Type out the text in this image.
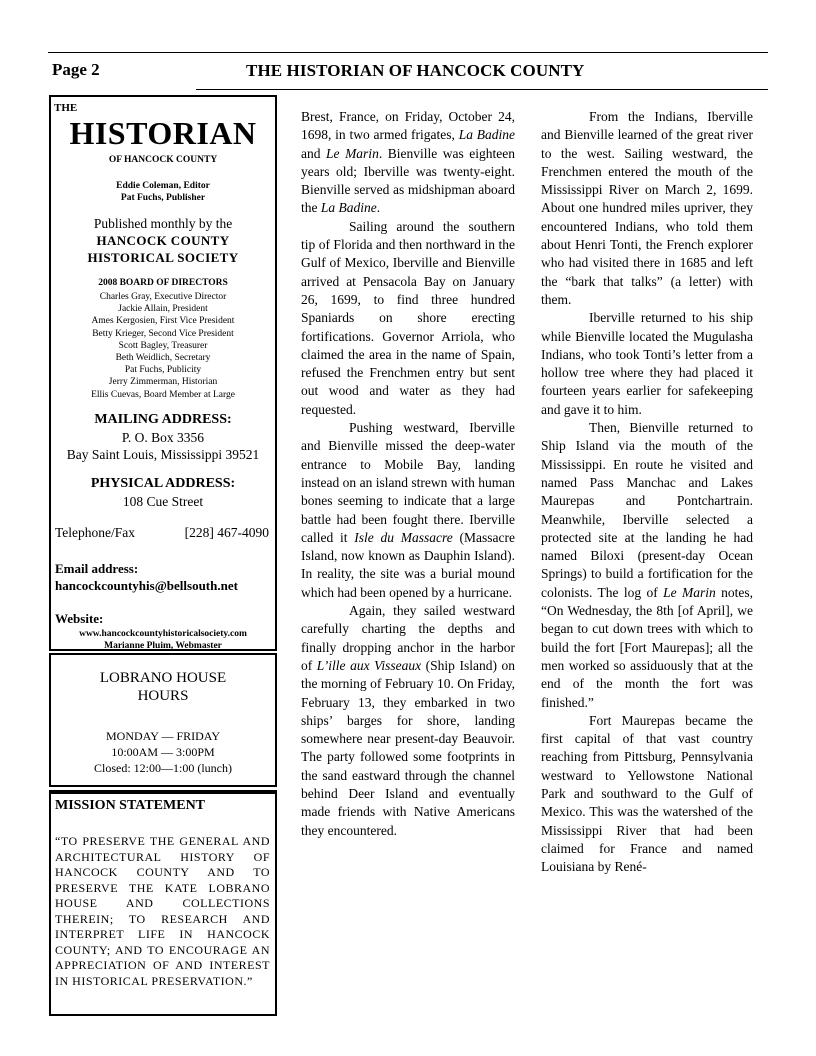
Page 2	THE HISTORIAN OF HANCOCK COUNTY
THE
HISTORIAN
OF HANCOCK COUNTY
Eddie Coleman, Editor
Pat Fuchs, Publisher
Published monthly by the
HANCOCK COUNTY
HISTORICAL SOCIETY
2008 BOARD OF DIRECTORS
Charles Gray, Executive Director
Jackie Allain, President
Ames Kergosien, First Vice President
Betty Krieger, Second Vice President
Scott Bagley, Treasurer
Beth Weidlich, Secretary
Pat Fuchs, Publicity
Jerry Zimmerman, Historian
Ellis Cuevas, Board Member at Large
MAILING ADDRESS:
P. O. Box 3356
Bay Saint Louis, Mississippi 39521
PHYSICAL ADDRESS:
108 Cue Street
Telephone/Fax	[228] 467-4090
Email address:
hancockcountyhis@bellsouth.net
Website:
www.hancockcountyhistoricalsociety.com
Marianne Pluim, Webmaster
LOBRANO HOUSE
HOURS
MONDAY — FRIDAY
10:00AM — 3:00PM
Closed: 12:00—1:00 (lunch)
MISSION STATEMENT
“TO PRESERVE THE GENERAL AND ARCHITECTURAL HISTORY OF HANCOCK COUNTY AND TO PRESERVE THE KATE LOBRANO HOUSE AND COLLECTIONS THEREIN; TO RESEARCH AND INTERPRET LIFE IN HANCOCK COUNTY; AND TO ENCOURAGE AN APPRECIATION OF AND INTEREST IN HISTORICAL PRESERVATION.”

Brest, France, on Friday, October 24, 1698, in two armed frigates, La Badine and Le Marin. Bienville was eighteen years old; Iberville was twenty-eight. Bienville served as midshipman aboard the La Badine.

Sailing around the southern tip of Florida and then northward in the Gulf of Mexico, Iberville and Bienville arrived at Pensacola Bay on January 26, 1699, to find three hundred Spaniards on shore erecting fortifications. Governor Arriola, who claimed the area in the name of Spain, refused the Frenchmen entry but sent out wood and water as they had requested.

Pushing westward, Iberville and Bienville missed the deep-water entrance to Mobile Bay, landing instead on an island strewn with human bones seeming to indicate that a large battle had been fought there. Iberville called it Isle du Massacre (Massacre Island, now known as Dauphin Island). In reality, the site was a burial mound which had been opened by a hurricane.

Again, they sailed westward carefully charting the depths and finally dropping anchor in the harbor of L’ille aux Visseaux (Ship Island) on the morning of February 10. On Friday, February 13, they embarked in two ships’ barges for shore, landing somewhere near present-day Beauvoir. The party followed some footprints in the sand eastward through the channel behind Deer Island and eventually made friends with Native Americans they encountered.

From the Indians, Iberville and Bienville learned of the great river to the west. Sailing westward, the Frenchmen entered the mouth of the Mississippi River on March 2, 1699. About one hundred miles upriver, they encountered Indians, who told them about Henri Tonti, the French explorer who had visited there in 1685 and left the “bark that talks” (a letter) with them.

Iberville returned to his ship while Bienville located the Mugulasha Indians, who took Tonti’s letter from a hollow tree where they had placed it fourteen years earlier for safekeeping and gave it to him.

Then, Bienville returned to Ship Island via the mouth of the Mississippi. En route he visited and named Pass Manchac and Lakes Maurepas and Pontchartrain. Meanwhile, Iberville selected a protected site at the landing he had named Biloxi (present-day Ocean Springs) to build a fortification for the colonists. The log of Le Marin notes, “On Wednesday, the 8th [of April], we began to cut down trees with which to build the fort [Fort Maurepas]; all the men worked so assiduously that at the end of the month the fort was finished.”

Fort Maurepas became the first capital of that vast country reaching from Pittsburg, Pennsylvania westward to Yellowstone National Park and southward to the Gulf of Mexico. This was the watershed of the Mississippi River that had been claimed for France and named Louisiana by René-
